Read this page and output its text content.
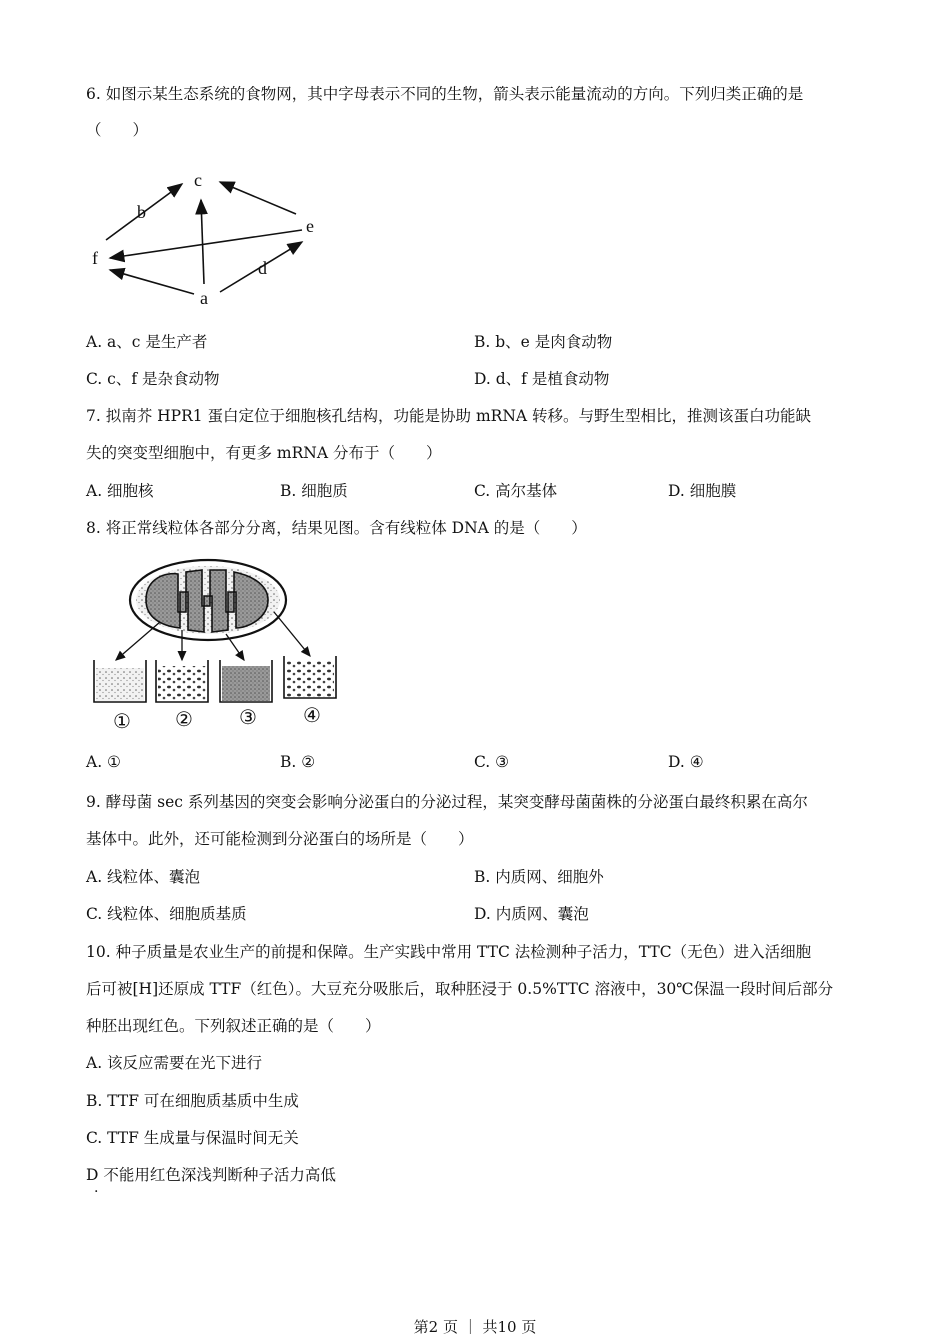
6. 如图示某生态系统的食物网，其中字母表示不同的生物，箭头表示能量流动的方向。下列归类正确的是
（　　）
c
b
e
f	d
a
A. a、c 是生产者	B. b、e 是肉食动物
C. c、f 是杂食动物	D. d、f 是植食动物
7. 拟南芥 HPR1 蛋白定位于细胞核孔结构，功能是协助 mRNA 转移。与野生型相比，推测该蛋白功能缺
失的突变型细胞中，有更多 mRNA 分布于（　　）
A. 细胞核	B. 细胞质	C. 高尔基体	D. 细胞膜
8. 将正常线粒体各部分分离，结果见图。含有线粒体 DNA 的是（　　）
① ② ③ ④
A. ①	B. ②	C. ③	D. ④
9. 酵母菌 sec 系列基因的突变会影响分泌蛋白的分泌过程，某突变酵母菌菌株的分泌蛋白最终积累在高尔
基体中。此外，还可能检测到分泌蛋白的场所是（　　）
A. 线粒体、囊泡	B. 内质网、细胞外
C. 线粒体、细胞质基质	D. 内质网、囊泡
10. 种子质量是农业生产的前提和保障。生产实践中常用 TTC 法检测种子活力，TTC（无色）进入活细胞
后可被[H]还原成 TTF（红色）。大豆充分吸胀后，取种胚浸于 0.5%TTC 溶液中，30℃保温一段时间后部分
种胚出现红色。下列叙述正确的是（　　）
A. 该反应需要在光下进行
B. TTF 可在细胞质基质中生成
C. TTF 生成量与保温时间无关
D 不能用红色深浅判断种子活力高低
.
第2 页 ｜ 共10 页
